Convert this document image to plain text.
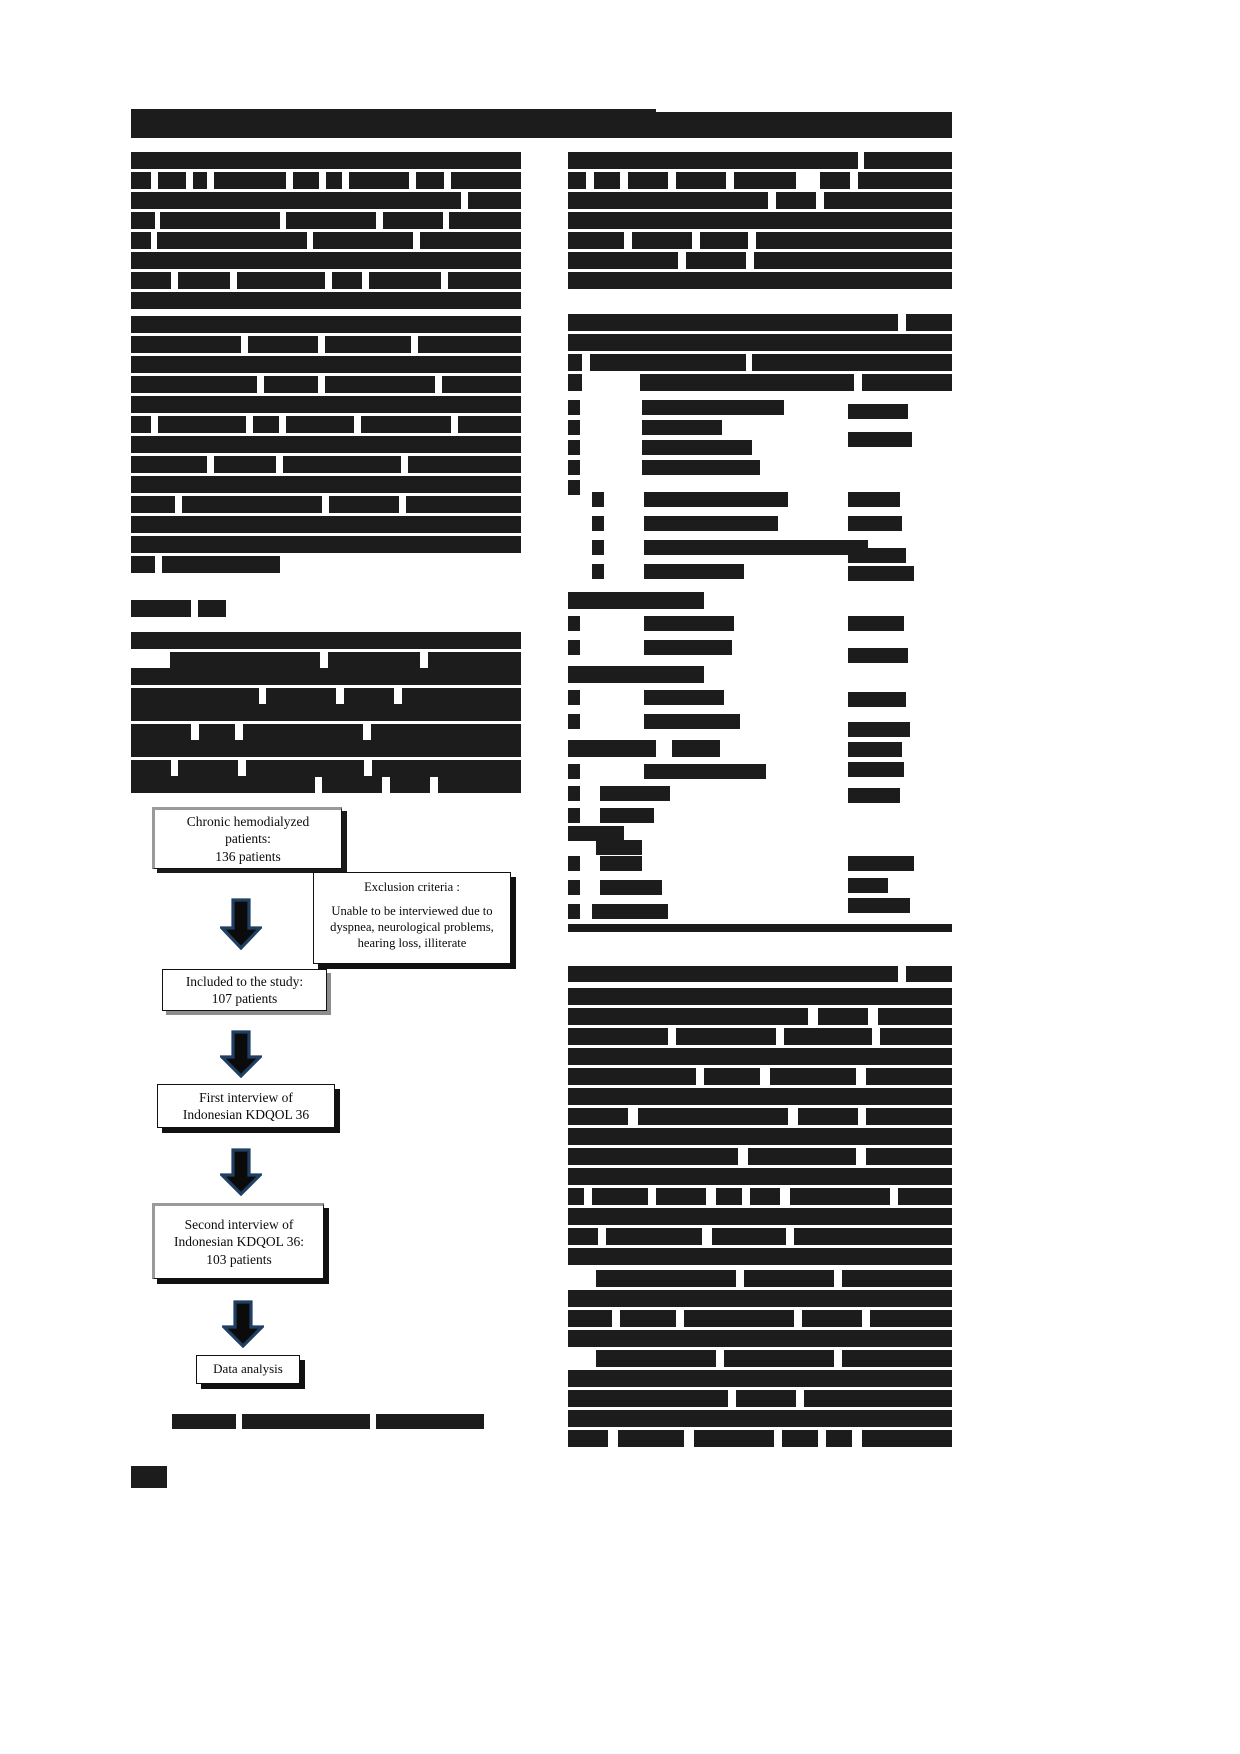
Chronic hemodialyzed
patients:
136 patients
Exclusion criteria :
Unable to be interviewed due to
dyspnea, neurological problems,
hearing loss, illiterate
Included to the study:
107 patients
First interview of
Indonesian KDQOL 36
Second interview of
Indonesian KDQOL 36:
103 patients
Data analysis
